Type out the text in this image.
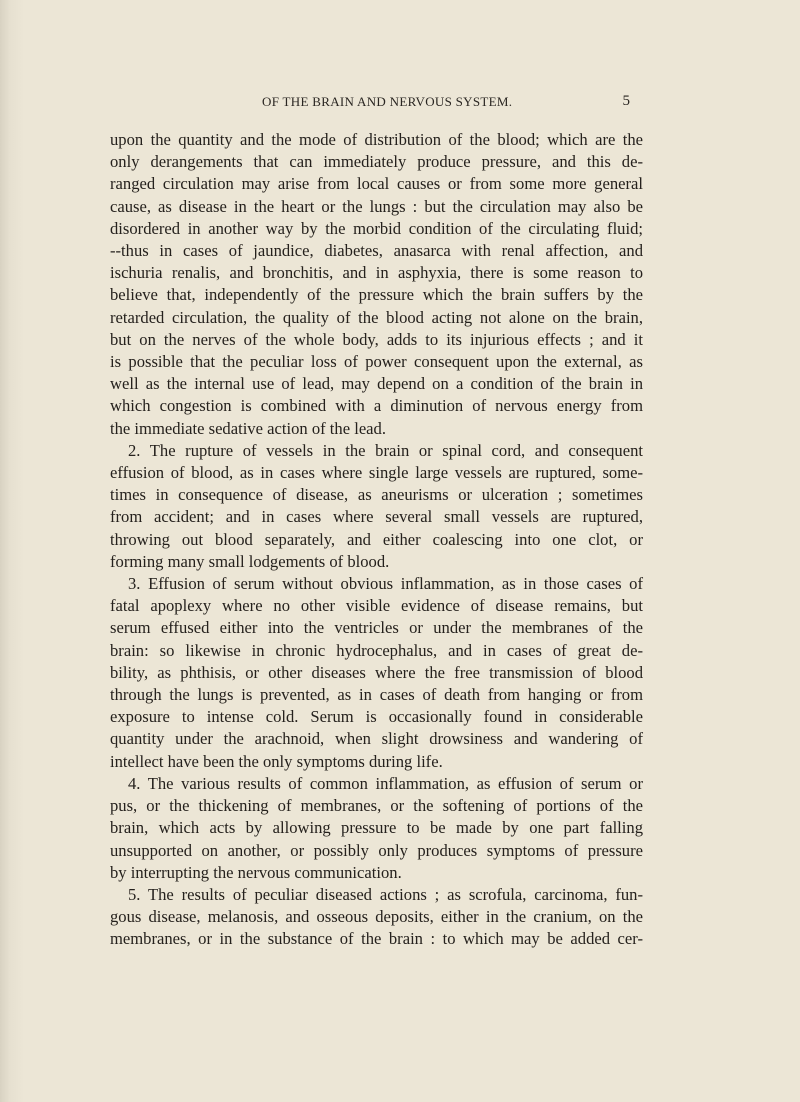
OF THE BRAIN AND NERVOUS SYSTEM.	5
upon the quantity and the mode of distribution of the blood; which are the
only derangements that can immediately produce pressure, and this de-
ranged circulation may arise from local causes or from some more general
cause, as disease in the heart or the lungs : but the circulation may also be
disordered in another way by the morbid condition of the circulating fluid;
--thus in cases of jaundice, diabetes, anasarca with renal affection, and
ischuria renalis, and bronchitis, and in asphyxia, there is some reason to
believe that, independently of the pressure which the brain suffers by the
retarded circulation, the quality of the blood acting not alone on the brain,
but on the nerves of the whole body, adds to its injurious effects ; and it
is possible that the peculiar loss of power consequent upon the external, as
well as the internal use of lead, may depend on a condition of the brain in
which congestion is combined with a diminution of nervous energy from
the immediate sedative action of the lead.
2. The rupture of vessels in the brain or spinal cord, and consequent
effusion of blood, as in cases where single large vessels are ruptured, some-
times in consequence of disease, as aneurisms or ulceration ; sometimes
from accident; and in cases where several small vessels are ruptured,
throwing out blood separately, and either coalescing into one clot, or
forming many small lodgements of blood.
3. Effusion of serum without obvious inflammation, as in those cases of
fatal apoplexy where no other visible evidence of disease remains, but
serum effused either into the ventricles or under the membranes of the
brain: so likewise in chronic hydrocephalus, and in cases of great de-
bility, as phthisis, or other diseases where the free transmission of blood
through the lungs is prevented, as in cases of death from hanging or from
exposure to intense cold. Serum is occasionally found in considerable
quantity under the arachnoid, when slight drowsiness and wandering of
intellect have been the only symptoms during life.
4. The various results of common inflammation, as effusion of serum or
pus, or the thickening of membranes, or the softening of portions of the
brain, which acts by allowing pressure to be made by one part falling
unsupported on another, or possibly only produces symptoms of pressure
by interrupting the nervous communication.
5. The results of peculiar diseased actions ; as scrofula, carcinoma, fun-
gous disease, melanosis, and osseous deposits, either in the cranium, on the
membranes, or in the substance of the brain : to which may be added cer-
